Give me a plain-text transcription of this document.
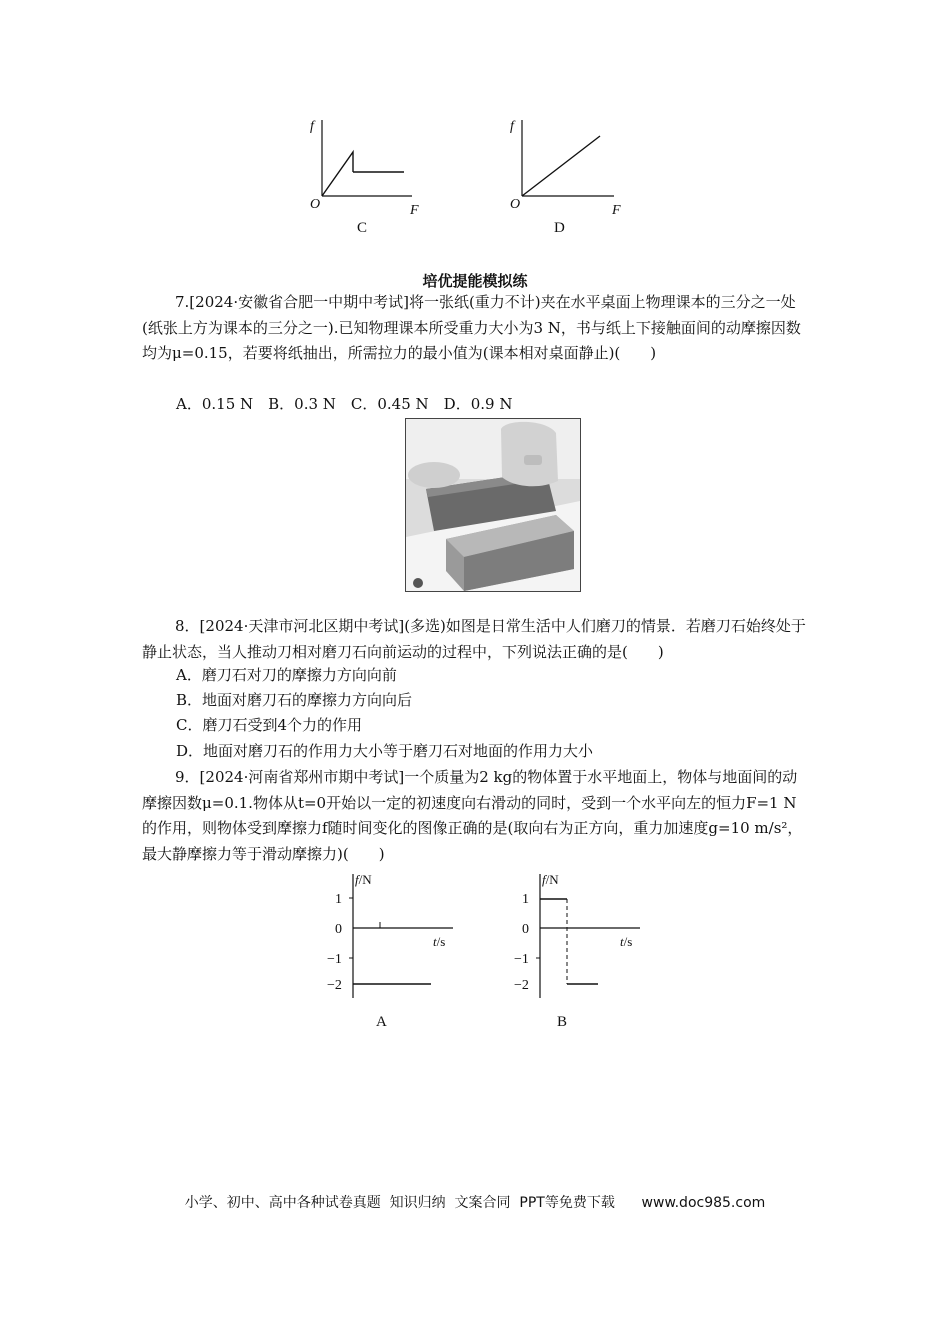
f
O	F
C
f
O	F
D
培优提能模拟练
7.[2024·安徽省合肥一中期中考试]将一张纸(重力不计)夹在水平桌面上物理课本的三分之一处(纸张上方为课本的三分之一).已知物理课本所受重力大小为3 N，书与纸上下接触面间的动摩擦因数均为μ=0.15，若要将纸抽出，所需拉力的最小值为(课本相对桌面静止)(　　)
A．0.15 N　B．0.3 N　C．0.45 N　D．0.9 N
8．[2024·天津市河北区期中考试](多选)如图是日常生活中人们磨刀的情景．若磨刀石始终处于静止状态，当人推动刀相对磨刀石向前运动的过程中，下列说法正确的是(　　)
A．磨刀石对刀的摩擦力方向向前
B．地面对磨刀石的摩擦力方向向后
C．磨刀石受到4个力的作用
D．地面对磨刀石的作用力大小等于磨刀石对地面的作用力大小
9．[2024·河南省郑州市期中考试]一个质量为2 kg的物体置于水平地面上，物体与地面间的动摩擦因数μ=0.1.物体从t=0开始以一定的初速度向右滑动的同时，受到一个水平向左的恒力F=1 N的作用，则物体受到摩擦力f随时间变化的图像正确的是(取向右为正方向，重力加速度g=10 m/s²，最大静摩擦力等于滑动摩擦力)(　　)
f/N
t/s
1
0
−1
−2
A
f/N
t/s
1
0
−1
−2
B
小学、初中、高中各种试卷真题  知识归纳  文案合同  PPT等免费下载      www.doc985.com
